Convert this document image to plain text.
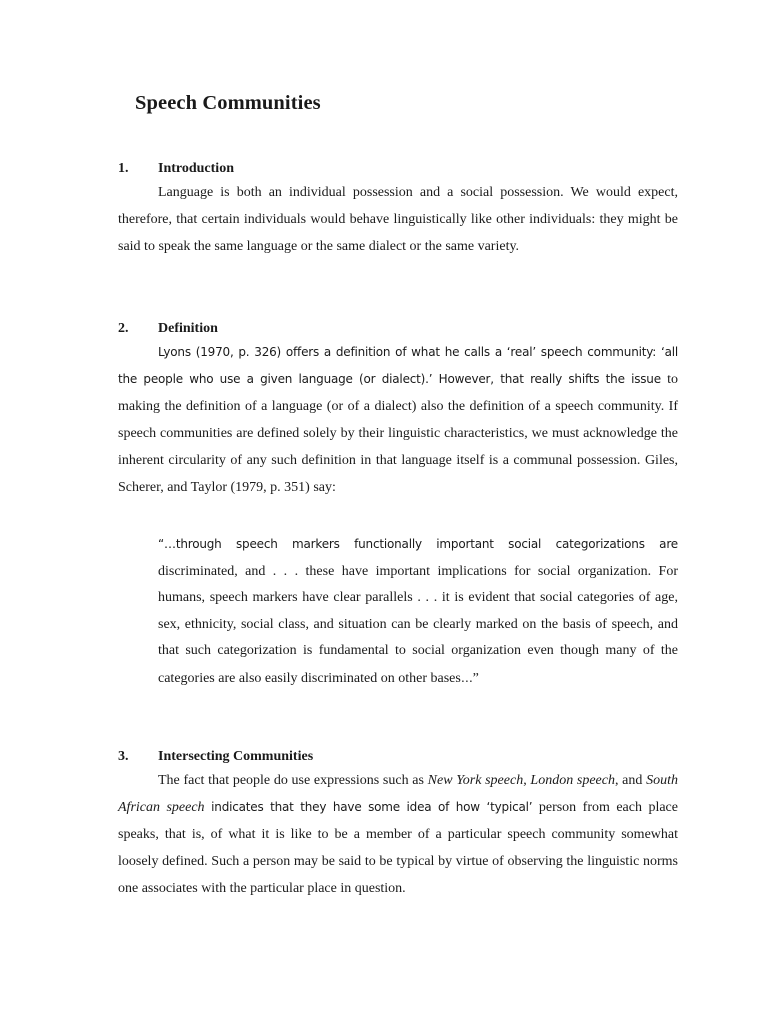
Speech Communities
1. Introduction

Language is both an individual possession and a social possession. We would expect, therefore, that certain individuals would behave linguistically like other individuals: they might be said to speak the same language or the same dialect or the same variety.

2. Definition

Lyons (1970, p. 326) offers a definition of what he calls a ‘real’ speech community: ‘all the people who use a given language (or dialect).’ However, that really shifts the issue to making the definition of a language (or of a dialect) also the definition of a speech community. If speech communities are defined solely by their linguistic characteristics, we must acknowledge the inherent circularity of any such definition in that language itself is a communal possession. Giles, Scherer, and Taylor (1979, p. 351) say:

“…through speech markers functionally important social categorizations are discriminated, and . . . these have important implications for social organization. For humans, speech markers have clear parallels . . . it is evident that social categories of age, sex, ethnicity, social class, and situation can be clearly marked on the basis of speech, and that such categorization is fundamental to social organization even though many of the categories are also easily discriminated on other bases…”

3. Intersecting Communities

The fact that people do use expressions such as New York speech, London speech, and South African speech indicates that they have some idea of how ‘typical’ person from each place speaks, that is, of what it is like to be a member of a particular speech community somewhat loosely defined. Such a person may be said to be typical by virtue of observing the linguistic norms one associates with the particular place in question.
